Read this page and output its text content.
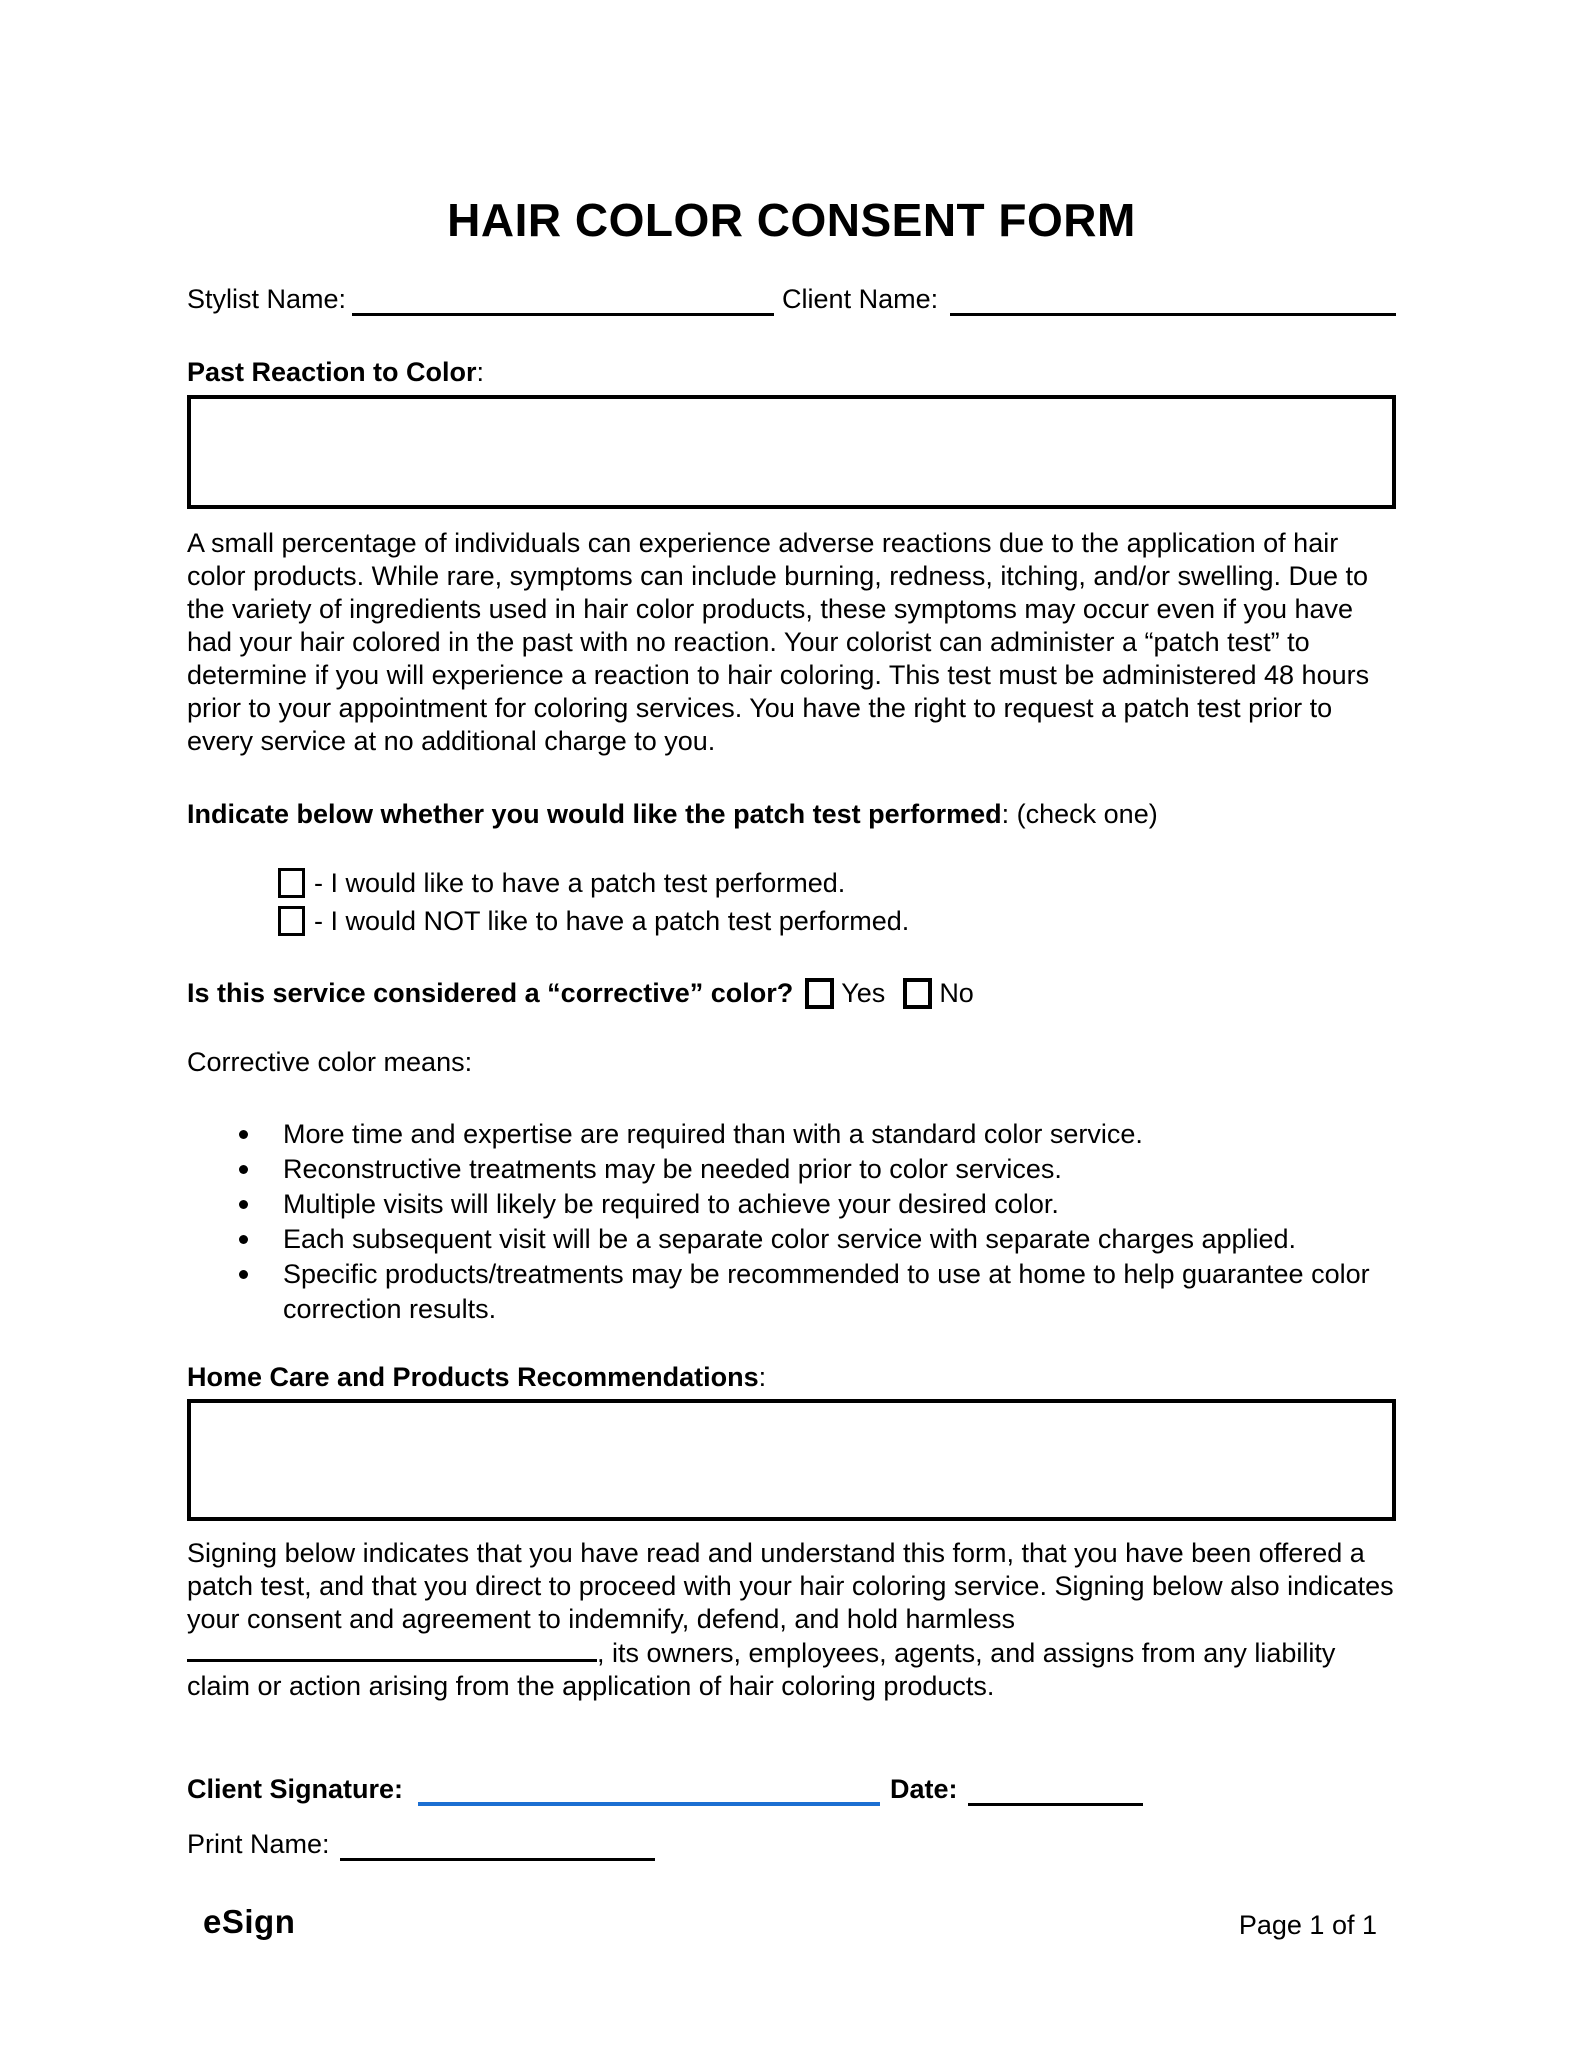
HAIR COLOR CONSENT FORM
Stylist Name:	Client Name:
Past Reaction to Color:
A small percentage of individuals can experience adverse reactions due to the application of hair color products. While rare, symptoms can include burning, redness, itching, and/or swelling. Due to the variety of ingredients used in hair color products, these symptoms may occur even if you have had your hair colored in the past with no reaction. Your colorist can administer a “patch test” to determine if you will experience a reaction to hair coloring. This test must be administered 48 hours prior to your appointment for coloring services. You have the right to request a patch test prior to every service at no additional charge to you.
Indicate below whether you would like the patch test performed: (check one)
- I would like to have a patch test performed.
- I would NOT like to have a patch test performed.
Is this service considered a “corrective” color? Yes No
Corrective color means:
More time and expertise are required than with a standard color service.
Reconstructive treatments may be needed prior to color services.
Multiple visits will likely be required to achieve your desired color.
Each subsequent visit will be a separate color service with separate charges applied.
Specific products/treatments may be recommended to use at home to help guarantee color correction results.
Home Care and Products Recommendations:
Signing below indicates that you have read and understand this form, that you have been offered a patch test, and that you direct to proceed with your hair coloring service. Signing below also indicates your consent and agreement to indemnify, defend, and hold harmless , its owners, employees, agents, and assigns from any liability claim or action arising from the application of hair coloring products.
Client Signature:	Date:
Print Name:
eSign	Page 1 of 1
